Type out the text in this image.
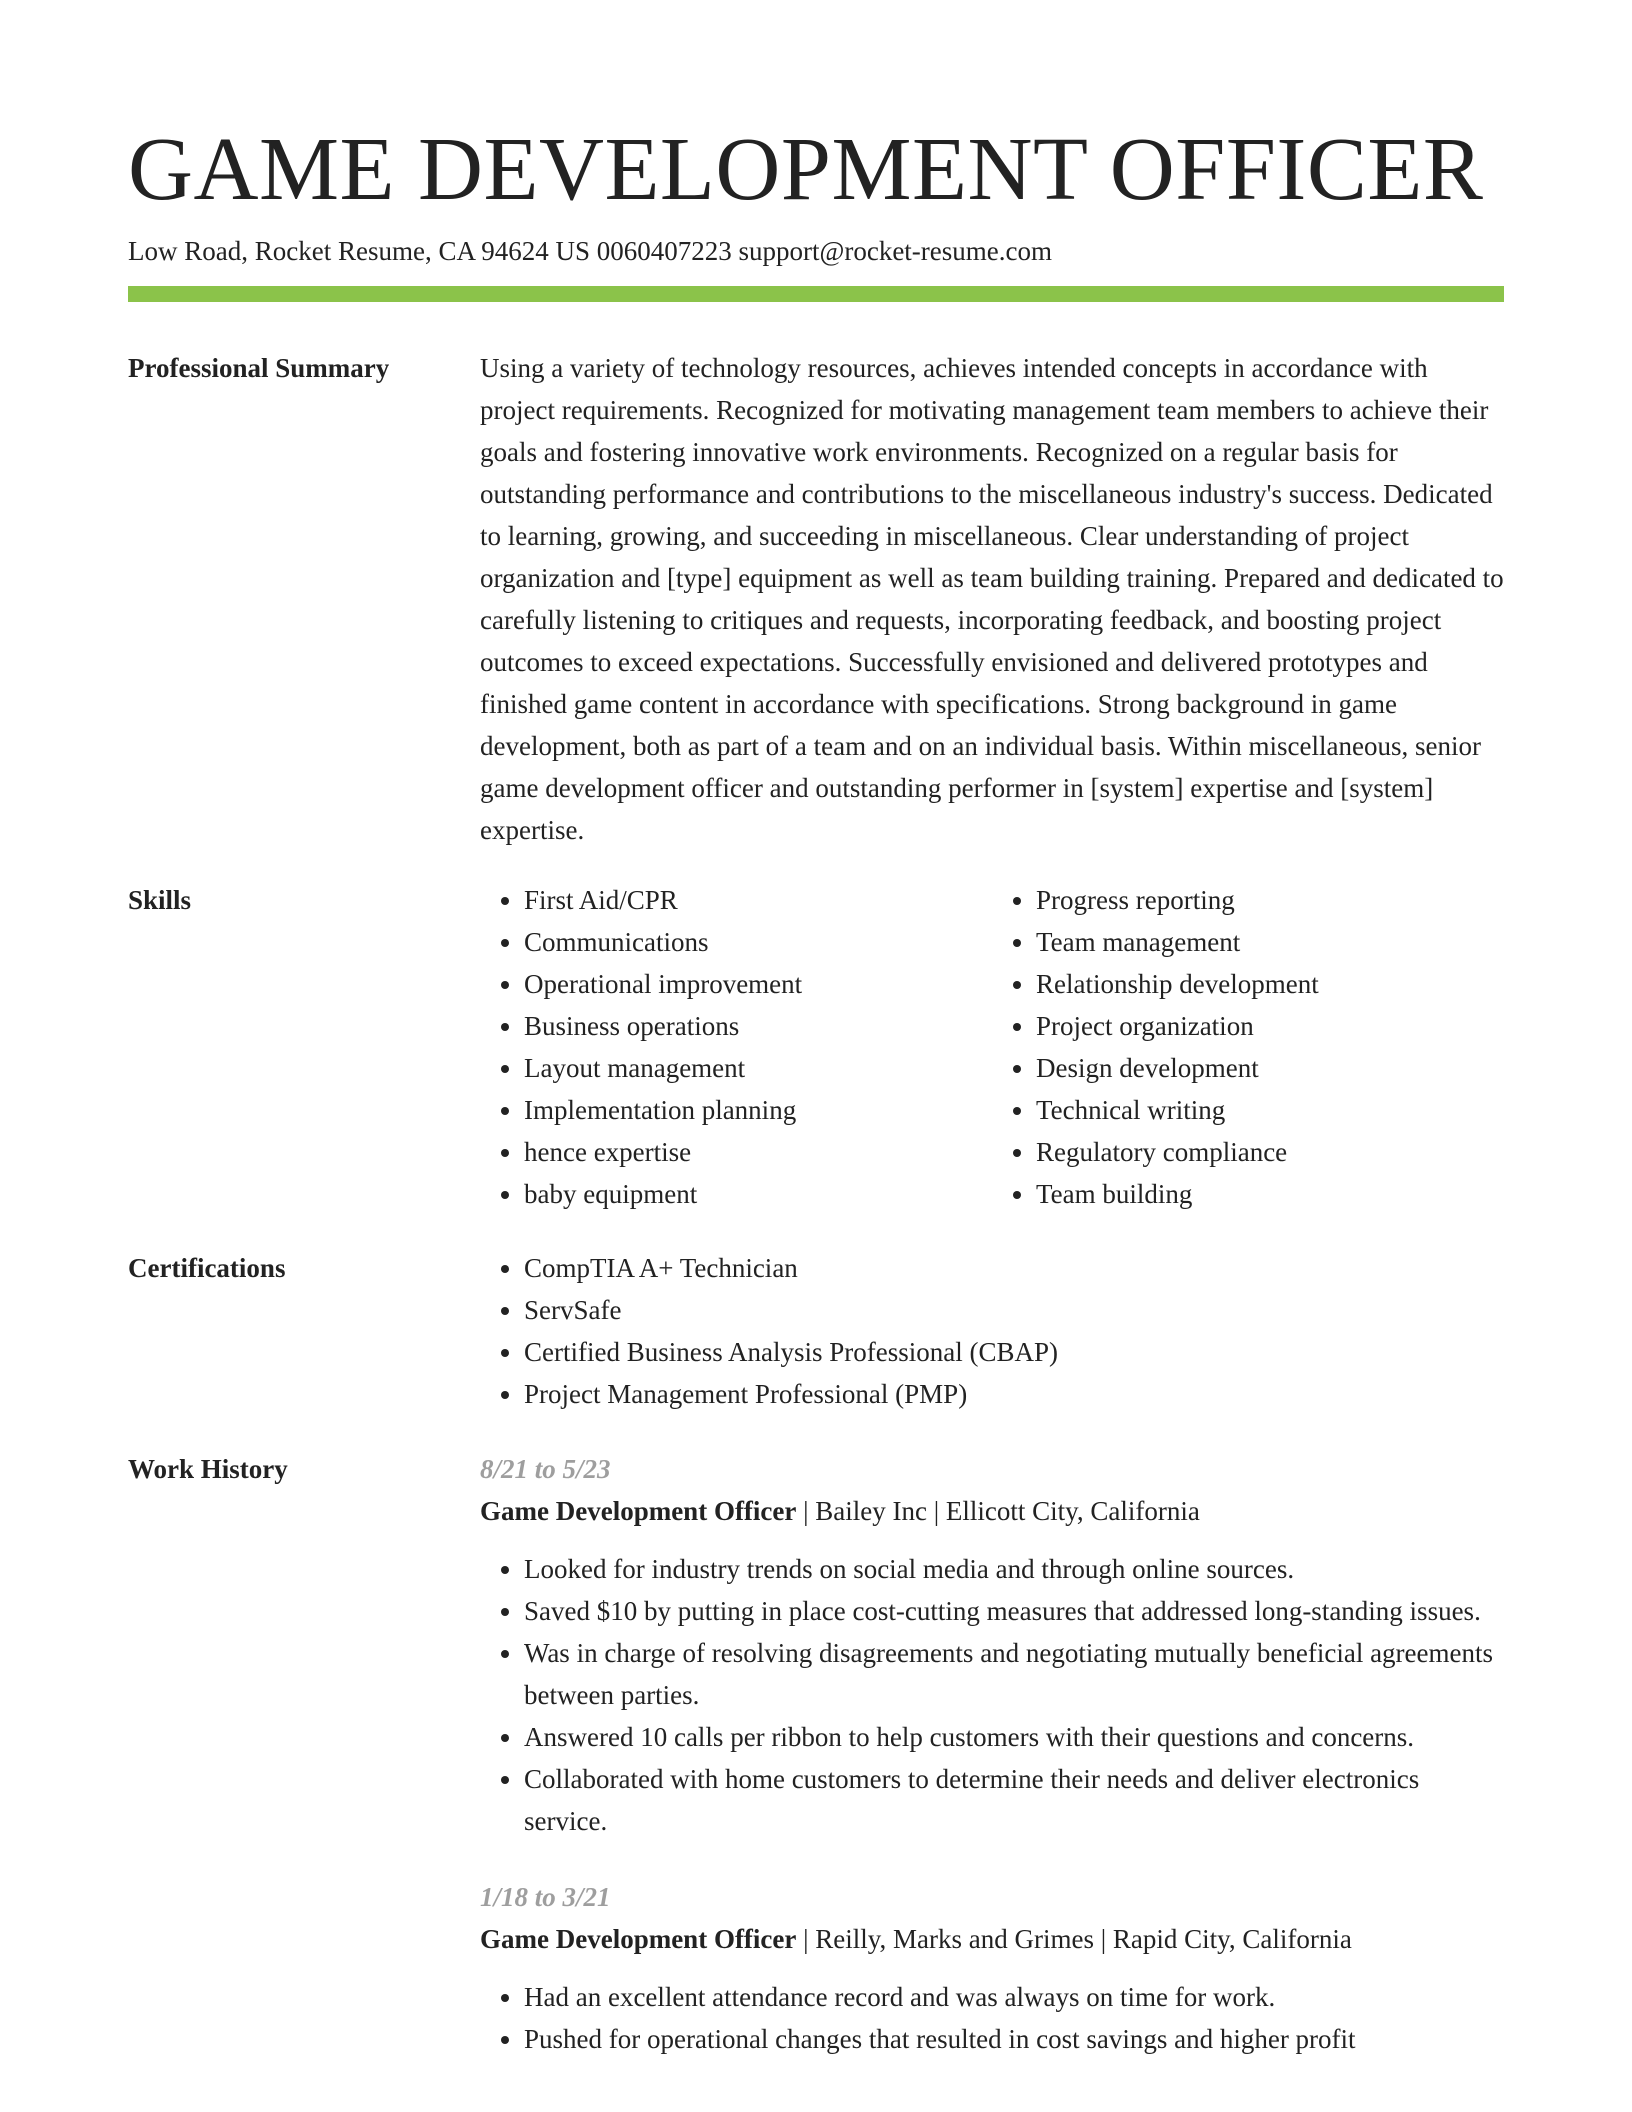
GAME DEVELOPMENT OFFICER
Low Road, Rocket Resume, CA 94624 US 0060407223 support@rocket-resume.com
Professional Summary	Using a variety of technology resources, achieves intended concepts in accordance with project requirements. Recognized for motivating management team members to achieve their goals and fostering innovative work environments. Recognized on a regular basis for outstanding performance and contributions to the miscellaneous industry's success. Dedicated to learning, growing, and succeeding in miscellaneous. Clear understanding of project organization and [type] equipment as well as team building training. Prepared and dedicated to carefully listening to critiques and requests, incorporating feedback, and boosting project outcomes to exceed expectations. Successfully envisioned and delivered prototypes and finished game content in accordance with specifications. Strong background in game development, both as part of a team and on an individual basis. Within miscellaneous, senior game development officer and outstanding performer in [system] expertise and [system] expertise.

Skills	• First Aid/CPR
• Communications
• Operational improvement
• Business operations
• Layout management
• Implementation planning
• hence expertise
• baby equipment
• Progress reporting
• Team management
• Relationship development
• Project organization
• Design development
• Technical writing
• Regulatory compliance
• Team building
Certifications	• CompTIA A+ Technician
• ServSafe
• Certified Business Analysis Professional (CBAP)
• Project Management Professional (PMP)
Work History	8/21 to 5/23
Game Development Officer | Bailey Inc | Ellicott City, California
• Looked for industry trends on social media and through online sources.
• Saved $10 by putting in place cost-cutting measures that addressed long-standing issues.
• Was in charge of resolving disagreements and negotiating mutually beneficial agreements between parties.
• Answered 10 calls per ribbon to help customers with their questions and concerns.
• Collaborated with home customers to determine their needs and deliver electronics service.
1/18 to 3/21
Game Development Officer | Reilly, Marks and Grimes | Rapid City, California
• Had an excellent attendance record and was always on time for work.
• Pushed for operational changes that resulted in cost savings and higher profit
